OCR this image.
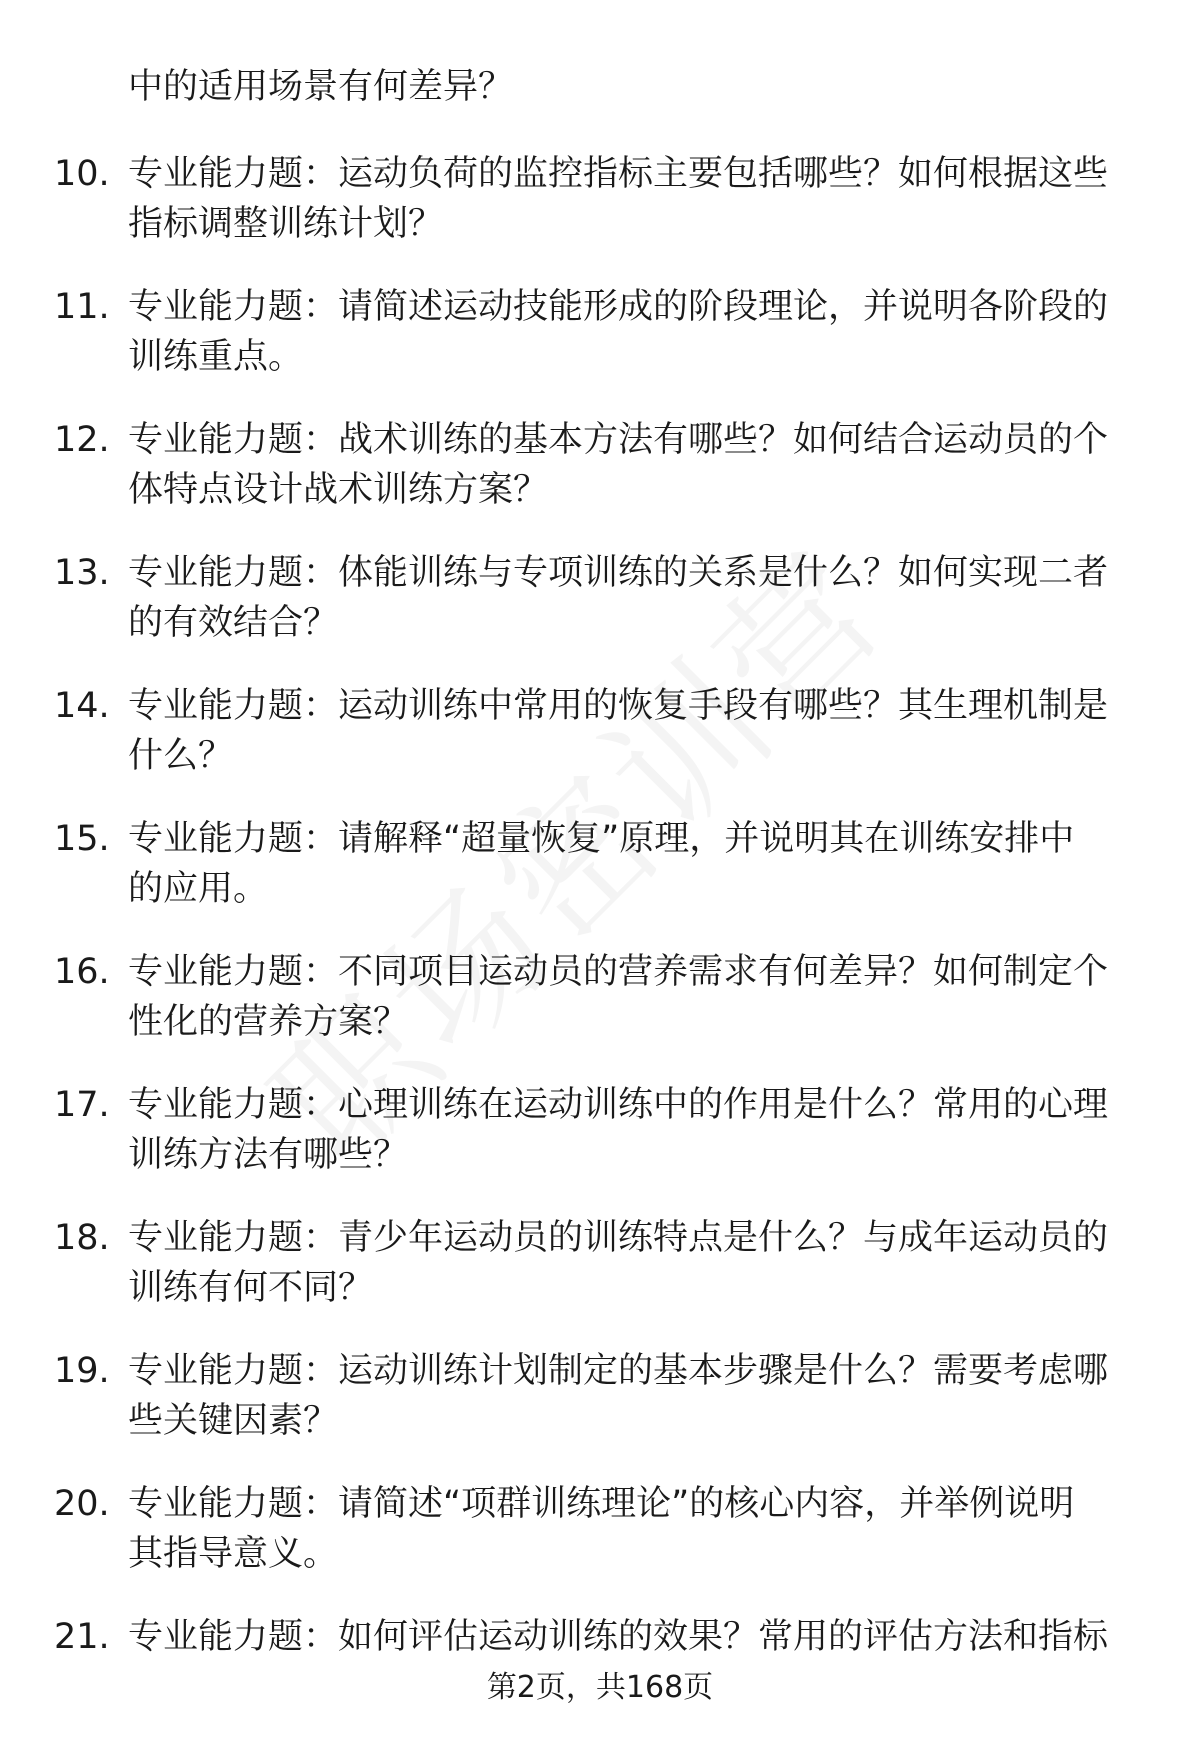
中的适用场景有何差异？
10. 专业能力题：运动负荷的监控指标主要包括哪些？如何根据这些
指标调整训练计划？
11. 专业能力题：请简述运动技能形成的阶段理论，并说明各阶段的
训练重点。
12. 专业能力题：战术训练的基本方法有哪些？如何结合运动员的个
体特点设计战术训练方案？
13. 专业能力题：体能训练与专项训练的关系是什么？如何实现二者
的有效结合？
14. 专业能力题：运动训练中常用的恢复手段有哪些？其生理机制是
什么？
15. 专业能力题：请解释“超量恢复”原理，并说明其在训练安排中
的应用。
16. 专业能力题：不同项目运动员的营养需求有何差异？如何制定个
性化的营养方案？
17. 专业能力题：心理训练在运动训练中的作用是什么？常用的心理
训练方法有哪些？
18. 专业能力题：青少年运动员的训练特点是什么？与成年运动员的
训练有何不同？
19. 专业能力题：运动训练计划制定的基本步骤是什么？需要考虑哪
些关键因素？
20. 专业能力题：请简述“项群训练理论”的核心内容，并举例说明
其指导意义。
21. 专业能力题：如何评估运动训练的效果？常用的评估方法和指标
第2页，共168页
